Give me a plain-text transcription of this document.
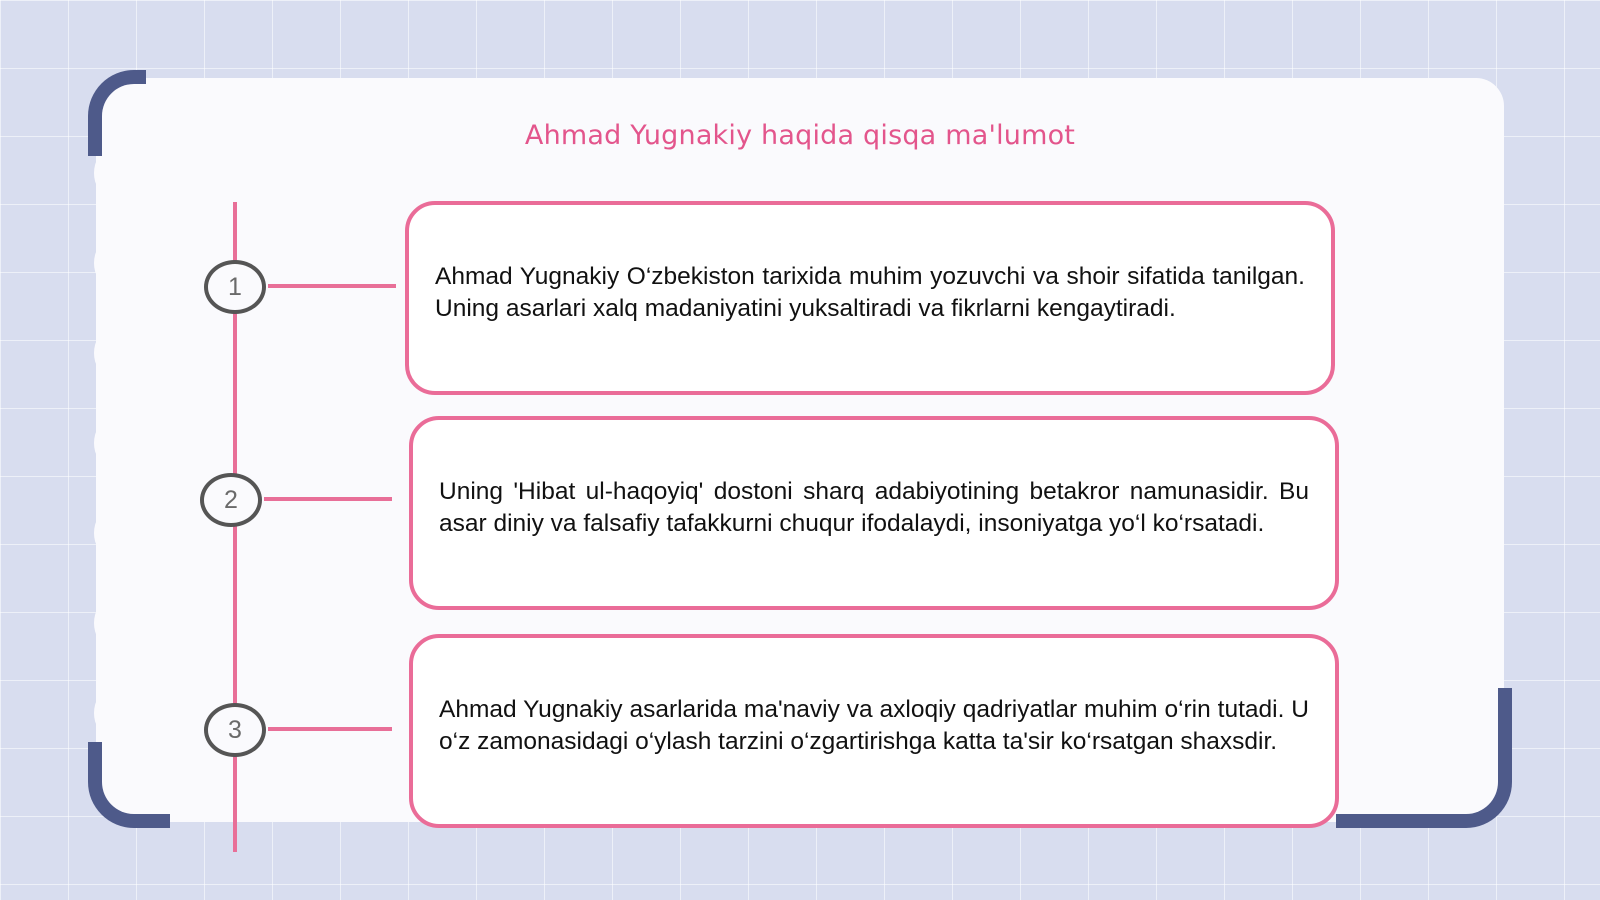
Ahmad Yugnakiy haqida qisqa ma'lumot
1	Ahmad Yugnakiy O‘zbekiston tarixida muhim yozuvchi va shoir sifatida tanilgan. Uning asarlari xalq madaniyatini yuksaltiradi va fikrlarni kengaytiradi.

2	Uning 'Hibat ul-haqoyiq' dostoni sharq adabiyotining betakror namunasidir. Bu asar diniy va falsafiy tafakkurni chuqur ifodalaydi, insoniyatga yo‘l ko‘rsatadi.

3

Ahmad Yugnakiy asarlarida ma'naviy va axloqiy qadriyatlar muhim o‘rin tutadi. U o‘z zamonasidagi o‘ylash tarzini o‘zgartirishga katta ta'sir ko‘rsatgan shaxsdir.
